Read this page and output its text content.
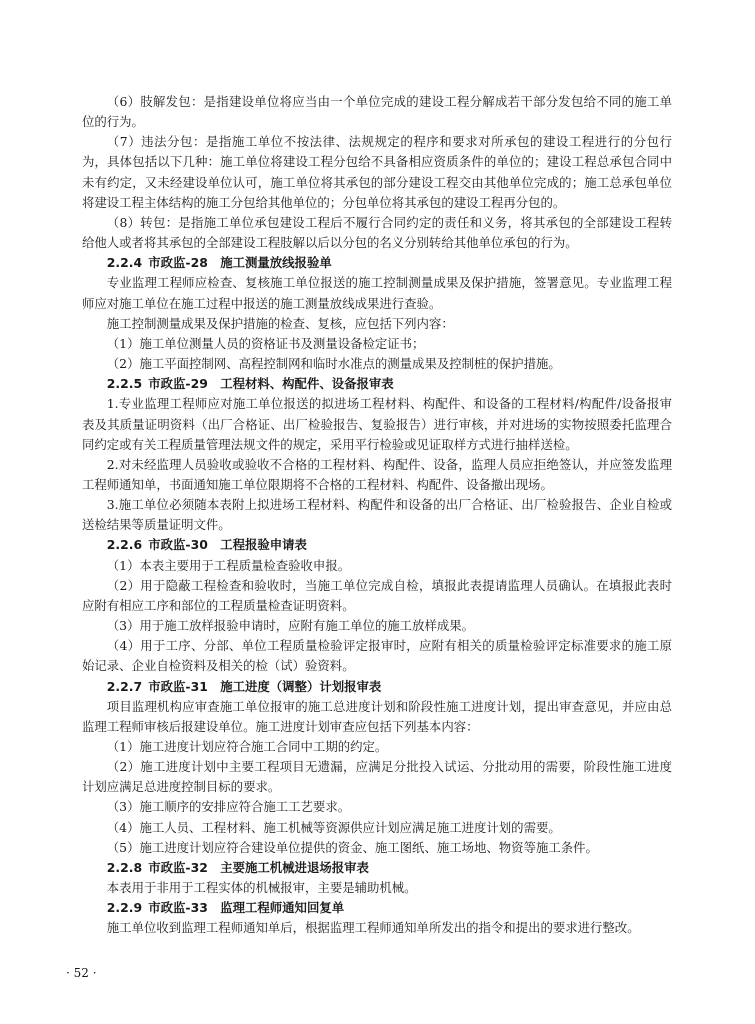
（6）肢解发包：是指建设单位将应当由一个单位完成的建设工程分解成若干部分发包给不同的施工单位的行为。

（7）违法分包：是指施工单位不按法律、法规规定的程序和要求对所承包的建设工程进行的分包行为，具体包括以下几种：施工单位将建设工程分包给不具备相应资质条件的单位的；建设工程总承包合同中未有约定，又未经建设单位认可，施工单位将其承包的部分建设工程交由其他单位完成的；施工总承包单位将建设工程主体结构的施工分包给其他单位的；分包单位将其承包的建设工程再分包的。

（8）转包：是指施工单位承包建设工程后不履行合同约定的责任和义务，将其承包的全部建设工程转给他人或者将其承包的全部建设工程肢解以后以分包的名义分别转给其他单位承包的行为。

2.2.4 市政监-28 施工测量放线报验单

专业监理工程师应检查、复核施工单位报送的施工控制测量成果及保护措施，签署意见。专业监理工程师应对施工单位在施工过程中报送的施工测量放线成果进行查验。

施工控制测量成果及保护措施的检查、复核，应包括下列内容：

（1）施工单位测量人员的资格证书及测量设备检定证书；

（2）施工平面控制网、高程控制网和临时水准点的测量成果及控制桩的保护措施。

2.2.5 市政监-29 工程材料、构配件、设备报审表

1.专业监理工程师应对施工单位报送的拟进场工程材料、构配件、和设备的工程材料/构配件/设备报审表及其质量证明资料（出厂合格证、出厂检验报告、复验报告）进行审核，并对进场的实物按照委托监理合同约定或有关工程质量管理法规文件的规定，采用平行检验或见证取样方式进行抽样送检。

2.对未经监理人员验收或验收不合格的工程材料、构配件、设备，监理人员应拒绝签认，并应签发监理工程师通知单，书面通知施工单位限期将不合格的工程材料、构配件、设备撤出现场。

3.施工单位必须随本表附上拟进场工程材料、构配件和设备的出厂合格证、出厂检验报告、企业自检或送检结果等质量证明文件。

2.2.6 市政监-30 工程报验申请表

（1）本表主要用于工程质量检查验收申报。

（2）用于隐蔽工程检查和验收时，当施工单位完成自检，填报此表提请监理人员确认。在填报此表时应附有相应工序和部位的工程质量检查证明资料。

（3）用于施工放样报验申请时，应附有施工单位的施工放样成果。

（4）用于工序、分部、单位工程质量检验评定报审时，应附有相关的质量检验评定标准要求的施工原始记录、企业自检资料及相关的检（试）验资料。

2.2.7 市政监-31 施工进度（调整）计划报审表

项目监理机构应审查施工单位报审的施工总进度计划和阶段性施工进度计划，提出审查意见，并应由总监理工程师审核后报建设单位。施工进度计划审查应包括下列基本内容：

（1）施工进度计划应符合施工合同中工期的约定。

（2）施工进度计划中主要工程项目无遗漏，应满足分批投入试运、分批动用的需要，阶段性施工进度计划应满足总进度控制目标的要求。

（3）施工顺序的安排应符合施工工艺要求。

（4）施工人员、工程材料、施工机械等资源供应计划应满足施工进度计划的需要。

（5）施工进度计划应符合建设单位提供的资金、施工图纸、施工场地、物资等施工条件。

2.2.8 市政监-32 主要施工机械进退场报审表

本表用于非用于工程实体的机械报审，主要是辅助机械。

2.2.9 市政监-33 监理工程师通知回复单

施工单位收到监理工程师通知单后，根据监理工程师通知单所发出的指令和提出的要求进行整改。

· 52 ·
